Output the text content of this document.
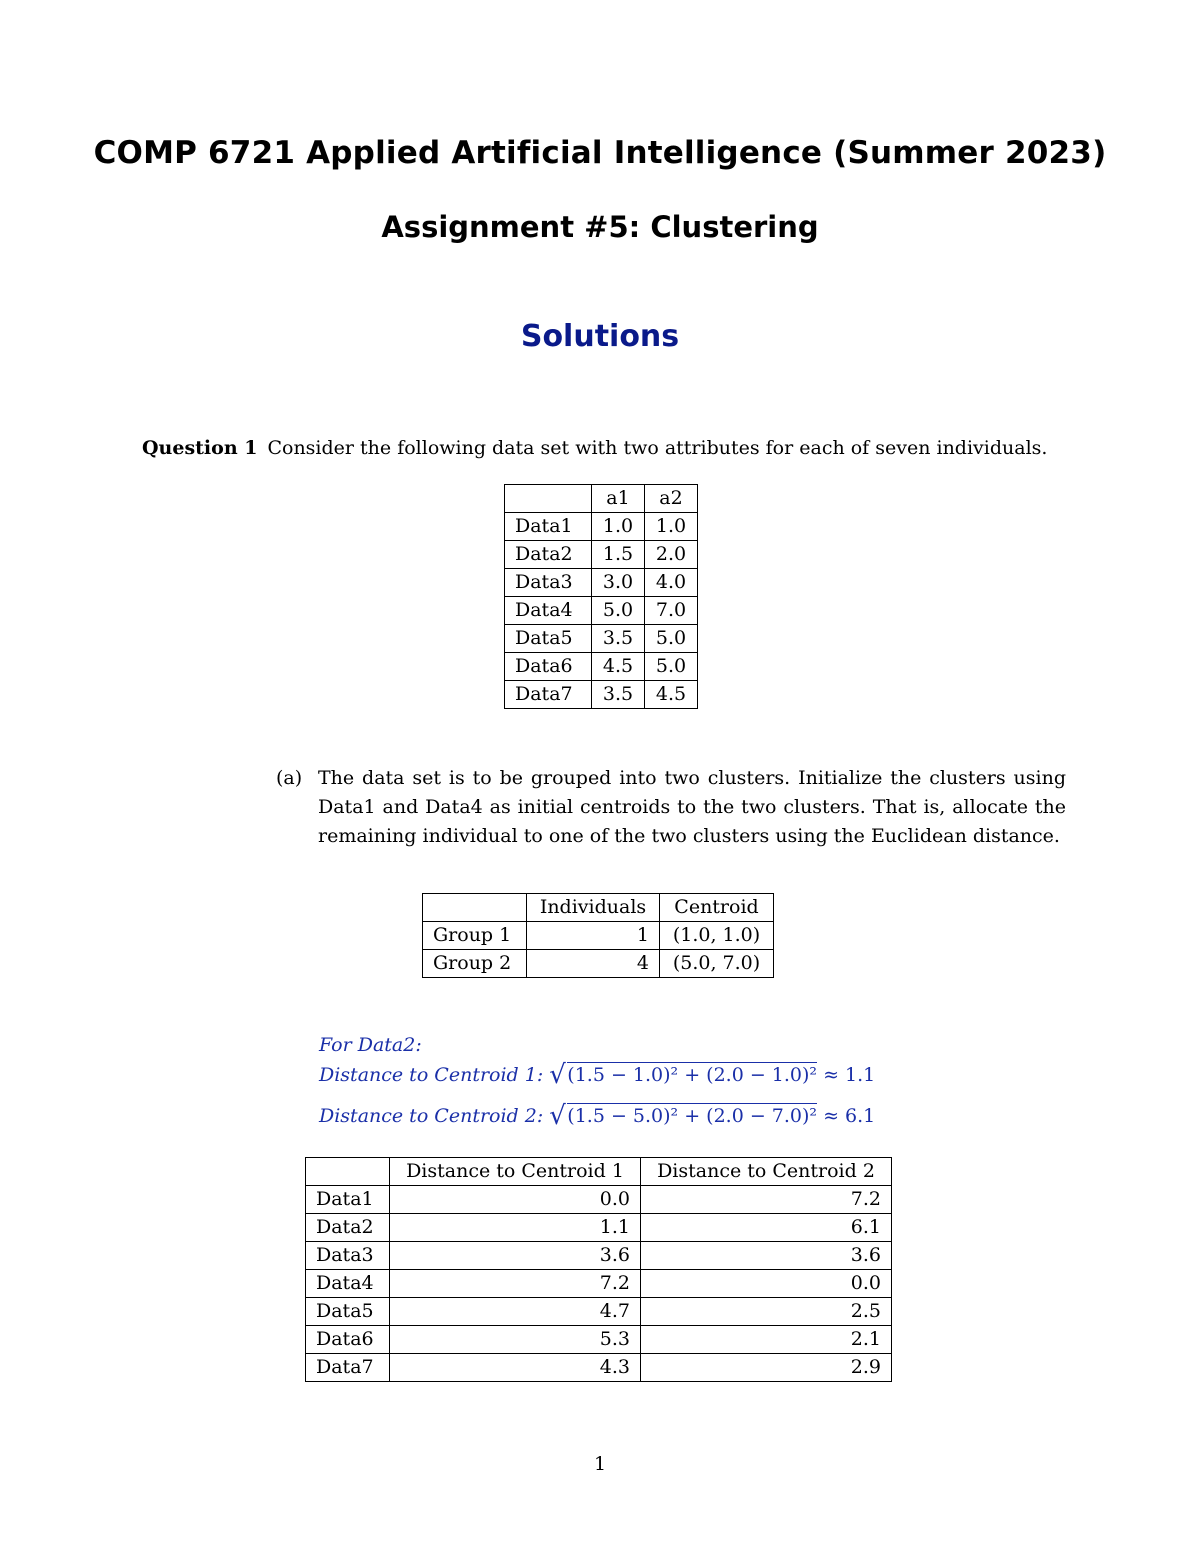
COMP 6721 Applied Artificial Intelligence (Summer 2023)
Assignment #5: Clustering
Solutions
Question 1 Consider the following data set with two attributes for each of seven individuals.
	a1	a2
Data1	1.0	1.0
Data2	1.5	2.0
Data3	3.0	4.0
Data4	5.0	7.0
Data5	3.5	5.0
Data6	4.5	5.0
Data7	3.5	4.5
(a) The data set is to be grouped into two clusters. Initialize the clusters using Data1 and Data4 as initial centroids to the two clusters. That is, allocate the remaining individual to one of the two clusters using the Euclidean distance.
	Individuals	Centroid
Group 1	1	(1.0, 1.0)
Group 2	4	(5.0, 7.0)
For Data2:
Distance to Centroid 1: √ (1.5 − 1.0)² + (2.0 − 1.0)² ≈ 1.1
Distance to Centroid 2: √ (1.5 − 5.0)² + (2.0 − 7.0)² ≈ 6.1
	Distance to Centroid 1	Distance to Centroid 2
Data1	0.0	7.2
Data2	1.1	6.1
Data3	3.6	3.6
Data4	7.2	0.0
Data5	4.7	2.5
Data6	5.3	2.1
Data7	4.3	2.9
1
